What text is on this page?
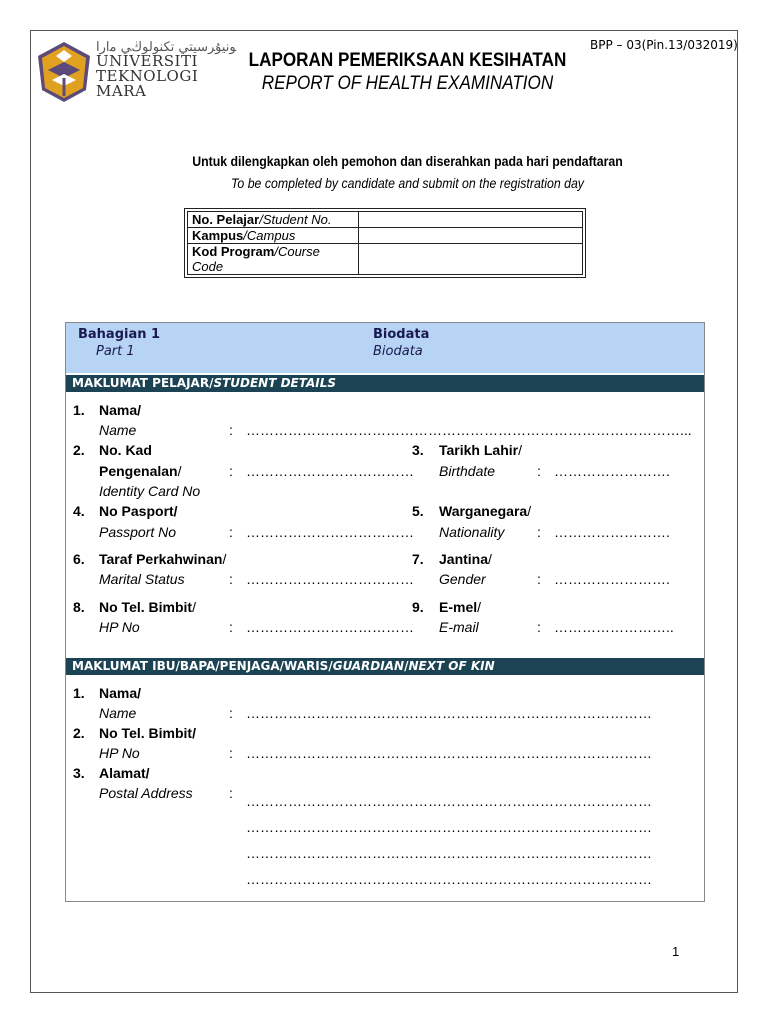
BPP – 03(Pin.13/032019)
ﻮﻧﻴﯘﺮﺳﻴﺘﻲ ﺗﻜﻨﻮﻟﻮڬﻲ ﻣارا
UNIVERSITI
TEKNOLOGI
MARA
LAPORAN PEMERIKSAAN KESIHATAN
REPORT OF HEALTH EXAMINATION
Untuk dilengkapkan oleh pemohon dan diserahkan pada hari pendaftaran
To be completed by candidate and submit on the registration day
No. Pelajar/Student No.	
Kampus/Campus	
Kod Program/Course Code	
Bahagian 1
Part 1
Biodata
Biodata
MAKLUMAT PELAJAR/STUDENT DETAILS
1. Nama/
Name	: …………………………………………………………………………………...
2. No. Kad
Pengenalan/
Identity Card No
: ………………………………
3. Tarikh Lahir/
Birthdate	: …………………….
4. No Pasport/
Passport No	: ………………………………
5. Warganegara/
Nationality : …………………….
6. Taraf Perkahwinan/
Marital Status	: ………………………………
7. Jantina/
Gender	: …………………….
8. No Tel. Bimbit/
HP No	: ………………………………
9. E-mel/
E-mail	: ……………………..
MAKLUMAT IBU/BAPA/PENJAGA/WARIS/GUARDIAN/NEXT OF KIN
1. Nama/
Name	: ……………………………………………………………………………
2. No Tel. Bimbit/
HP No	: ……………………………………………………………………………
3. Alamat/
Postal Address	: ……………………………………………………………………………
……………………………………………………………………………
……………………………………………………………………………
……………………………………………………………………………
1
